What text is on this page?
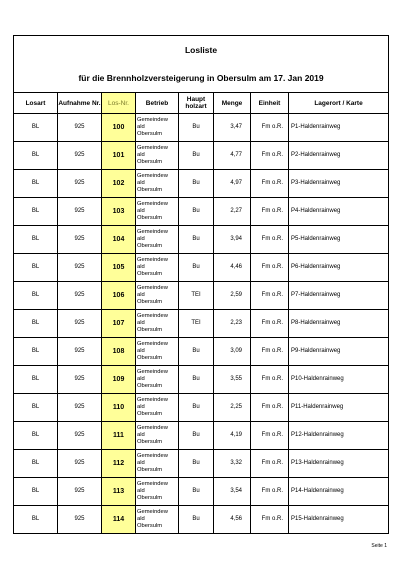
Losliste
für die Brennholzversteigerung in Obersulm am 17. Jan 2019							

Losart	Aufnahme Nr.	Los-Nr.	Betrieb	Haupt holzart	Menge	Einheit	Lagerort / Karte
BL	925	100	Gemeindew
ald
Obersulm	Bu	3,47	Fm o.R.	P1-Haldenrainweg
BL	925	101	Gemeindew
ald
Obersulm	Bu	4,77	Fm o.R.	P2-Haldenrainweg
BL	925	102	Gemeindew
ald
Obersulm	Bu	4,97	Fm o.R.	P3-Haldenrainweg
BL	925	103	Gemeindew
ald
Obersulm	Bu	2,27	Fm o.R.	P4-Haldenrainweg
BL	925	104	Gemeindew
ald
Obersulm	Bu	3,94	Fm o.R.	P5-Haldenrainweg
BL	925	105	Gemeindew
ald
Obersulm	Bu	4,46	Fm o.R.	P6-Haldenrainweg
BL	925	106	Gemeindew
ald
Obersulm	TEI	2,59	Fm o.R.	P7-Haldenrainweg
BL	925	107	Gemeindew
ald
Obersulm	TEI	2,23	Fm o.R.	P8-Haldenrainweg
BL	925	108	Gemeindew
ald
Obersulm	Bu	3,09	Fm o.R.	P9-Haldenrainweg
BL	925	109	Gemeindew
ald
Obersulm	Bu	3,55	Fm o.R.	P10-Haldenrainweg
BL	925	110	Gemeindew
ald
Obersulm	Bu	2,25	Fm o.R.	P11-Haldenrainweg
BL	925	111	Gemeindew
ald
Obersulm	Bu	4,19	Fm o.R.	P12-Haldenrainweg
BL	925	112	Gemeindew
ald
Obersulm	Bu	3,32	Fm o.R.	P13-Haldenrainweg
BL	925	113	Gemeindew
ald
Obersulm	Bu	3,54	Fm o.R.	P14-Haldenrainweg
BL	925	114	Gemeindew
ald
Obersulm	Bu	4,56	Fm o.R.	P15-Haldenrainweg
Seite 1
